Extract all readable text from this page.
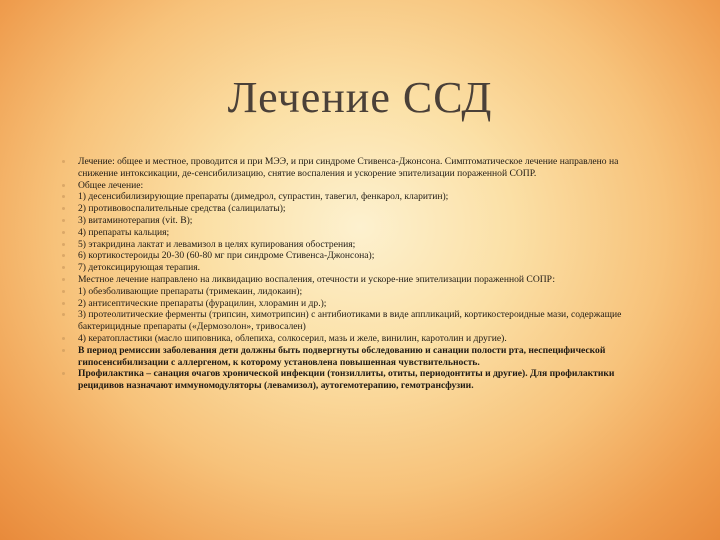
Лечение ССД
Лечение: общее и местное, проводится и при МЭЭ, и при синдроме Стивенса-Джонсона. Симптоматическое лечение направлено на снижение интоксикации, де-сенсибилизацию, снятие воспаления и ускорение эпителизации пораженной СОПР.
Общее лечение:
1) десенсибилизирующие препараты (димедрол, супрастин, тавегил, фенкарол, кларитин);
2) противовоспалительные средства (салицилаты);
3) витаминотерапия (vit. В);
4) препараты кальция;
5) этакридина лактат и левамизол в целях купирования обострения;
6) кортикостероиды 20-30 (60-80 мг при синдроме Стивенса-Джонсона);
7) детоксицирующая терапия.
Местное лечение направлено на ликвидацию воспаления, отечности и ускоре-ние эпителизации пораженной СОПР:
1) обезболивающие препараты (тримекаин, лидокаин);
2) антисептические препараты (фурацилин, хлорамин и др.);
3) протеолитические ферменты (трипсин, химотрипсин) с антибиотиками в виде аппликаций, кортикостероидные мази, содержащие бактерицидные препараты («Дермозолон», тривосален)
4) кератопластики (масло шиповника, облепиха, солкосерил, мазь и желе, винилин, каротолин и другие).
В период ремиссии заболевания дети должны быть подвергнуты обследованию и санации полости рта, неспецифической гипосенсибилизации с аллергеном, к которому установлена повышенная чувствительность.
Профилактика – санация очагов хронической инфекции (тонзиллиты, отиты, периодонтиты и другие). Для профилактики рецидивов назначают иммуномодуляторы (левамизол), аутогемотерапию, гемотрансфузии.
